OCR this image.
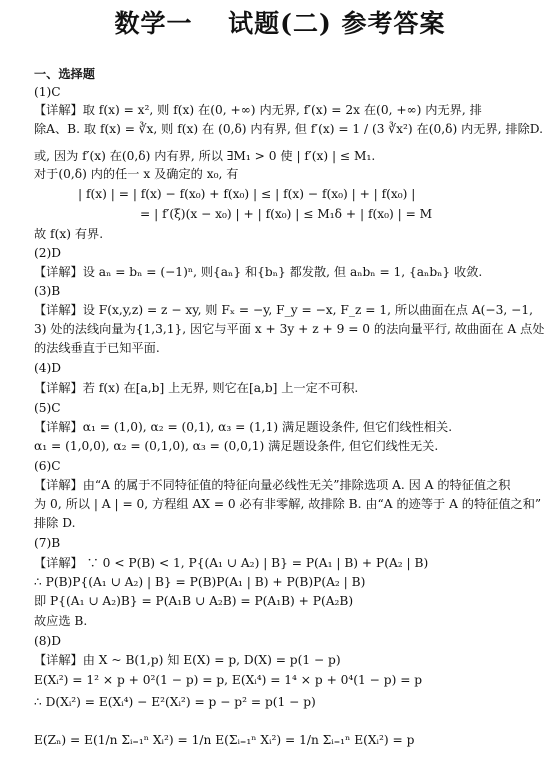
数学一　 试题(二) 参考答案
一、选择题
(1)C
【详解】取 f(x) = x², 则 f(x) 在(0, +∞) 内无界, f′(x) = 2x 在(0, +∞) 内无界, 排
除A、B. 取 f(x) = ∛x, 则 f(x) 在 (0,δ) 内有界, 但 f′(x) = 1 / (3 ∛x²) 在(0,δ) 内无界, 排除D.
或, 因为 f′(x) 在(0,δ) 内有界, 所以 ∃M₁ > 0 使 | f′(x) | ≤ M₁.
对于(0,δ) 内的任一 x 及确定的 x₀, 有
| f(x) | = | f(x) − f(x₀) + f(x₀) | ≤ | f(x) − f(x₀) | + | f(x₀) |
= | f′(ξ)(x − x₀) | + | f(x₀) | ≤ M₁δ + | f(x₀) | = M
故 f(x) 有界.
(2)D
【详解】设 aₙ = bₙ = (−1)ⁿ, 则{aₙ} 和{bₙ} 都发散, 但 aₙbₙ = 1, {aₙbₙ} 收敛.
(3)B
【详解】设 F(x,y,z) = z − xy, 则 Fₓ = −y, F_y = −x, F_z = 1, 所以曲面在点 A(−3, −1,
3) 处的法线向量为{1,3,1}, 因它与平面 x + 3y + z + 9 = 0 的法向量平行, 故曲面在 A 点处
的法线垂直于已知平面.
(4)D
【详解】若 f(x) 在[a,b] 上无界, 则它在[a,b] 上一定不可积.
(5)C
【详解】α₁ = (1,0), α₂ = (0,1), α₃ = (1,1) 满足题设条件, 但它们线性相关.
α₁ = (1,0,0), α₂ = (0,1,0), α₃ = (0,0,1) 满足题设条件, 但它们线性无关.
(6)C
【详解】由“A 的属于不同特征值的特征向量必线性无关”排除选项 A. 因 A 的特征值之积
为 0, 所以 | A | = 0, 方程组 AX = 0 必有非零解, 故排除 B. 由“A 的迹等于 A 的特征值之和”
排除 D.
(7)B
【详解】 ∵ 0 < P(B) < 1, P{(A₁ ∪ A₂) | B} = P(A₁ | B) + P(A₂ | B)
∴ P(B)P{(A₁ ∪ A₂) | B} = P(B)P(A₁ | B) + P(B)P(A₂ | B)
即 P{(A₁ ∪ A₂)B} = P(A₁B ∪ A₂B) = P(A₁B) + P(A₂B)
故应选 B.
(8)D
【详解】由 X ~ B(1,p) 知 E(X) = p, D(X) = p(1 − p)
E(Xᵢ²) = 1² × p + 0²(1 − p) = p, E(Xᵢ⁴) = 1⁴ × p + 0⁴(1 − p) = p
∴ D(Xᵢ²) = E(Xᵢ⁴) − E²(Xᵢ²) = p − p² = p(1 − p)
E(Zₙ) = E(1/n Σᵢ₌₁ⁿ Xᵢ²) = 1/n E(Σᵢ₌₁ⁿ Xᵢ²) = 1/n Σᵢ₌₁ⁿ E(Xᵢ²) = p
